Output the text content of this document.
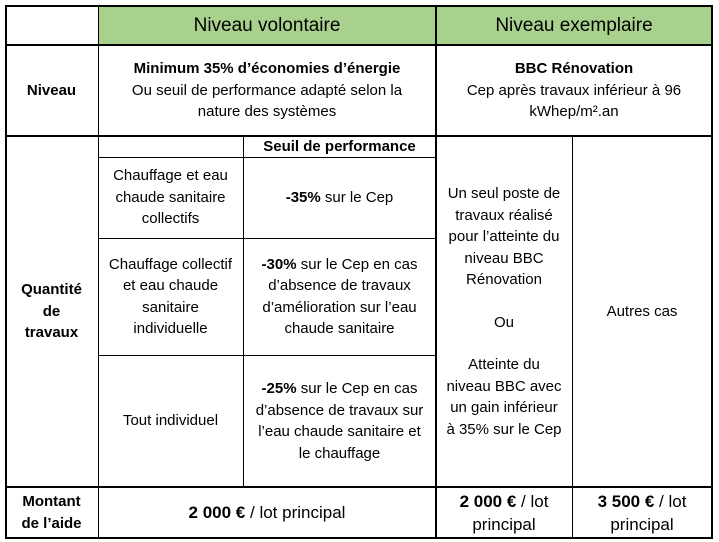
Niveau volontaire	Niveau exemplaire
Niveau
Minimum 35% d’économies d’énergie
Ou seuil de performance adapté selon la nature des systèmes
BBC Rénovation
Cep après travaux inférieur à 96 kWhep/m².an
Quantité
de
travaux
Seuil de performance
Chauffage et eau chaude sanitaire collectifs
-35% sur le Cep
Chauffage collectif et eau chaude sanitaire individuelle
-30% sur le Cep en cas d’absence de travaux d’amélioration sur l’eau chaude sanitaire
Tout individuel
-25% sur le Cep en cas d’absence de travaux sur l’eau chaude sanitaire et le chauffage
Un seul poste de travaux réalisé pour l’atteinte du niveau BBC Rénovation
Ou
Atteinte du niveau BBC avec un gain inférieur à 35% sur le Cep
Autres cas
Montant
de l’aide
2 000 € / lot principal
2 000 € / lot principal
3 500 € / lot principal
